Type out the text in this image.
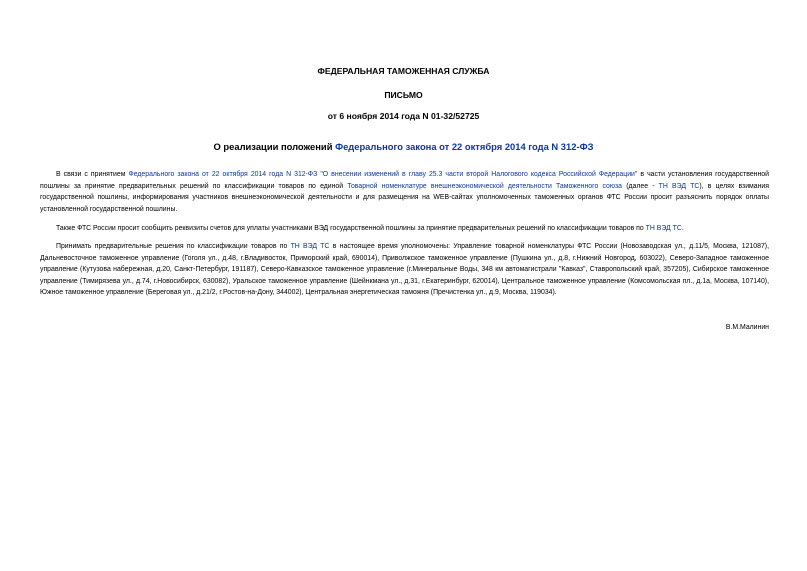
ФЕДЕРАЛЬНАЯ ТАМОЖЕННАЯ СЛУЖБА
ПИСЬМО
от 6 ноября 2014 года N 01-32/52725
О реализации положений Федерального закона от 22 октября 2014 года N 312-ФЗ

В связи с принятием Федерального закона от 22 октября 2014 года N 312-ФЗ "О внесении изменений в главу 25.3 части второй Налогового кодекса Российской Федерации" в части установления государственной пошлины за принятие предварительных решений по классификации товаров по единой Товарной номенклатуре внешнеэкономической деятельности Таможенного союза (далее - ТН ВЭД ТС), в целях взимания государственной пошлины, информирования участников внешнеэкономической деятельности и для размещения на WEB-сайтах уполномоченных таможенных органов ФТС России просит разъяснить порядок оплаты установленной государственной пошлины.

Также ФТС России просит сообщить реквизиты счетов для уплаты участниками ВЭД государственной пошлины за принятие предварительных решений по классификации товаров по ТН ВЭД ТС.

Принимать предварительные решения по классификации товаров по ТН ВЭД ТС в настоящее время уполномочены: Управление товарной номенклатуры ФТС России (Новозаводская ул., д.11/5, Москва, 121087), Дальневосточное таможенное управление (Гоголя ул., д.48, г.Владивосток, Приморский край, 690014), Приволжское таможенное управление (Пушкина ул., д.8, г.Нижний Новгород, 603022), Северо-Западное таможенное управление (Кутузова набережная, д.20, Санкт-Петербург, 191187), Северо-Кавказское таможенное управление (г.Минеральные Воды, 348 км автомагистрали "Кавказ", Ставропольский край, 357205), Сибирское таможенное управление (Тимирязева ул., д.74, г.Новосибирск, 630082), Уральское таможенное управление (Шейнкмана ул., д.31, г.Екатеринбург, 620014), Центральное таможенное управление (Комсомольская пл., д.1а, Москва, 107140), Южное таможенное управление (Береговая ул., д.21/2, г.Ростов-на-Дону, 344002), Центральная энергетическая таможня (Пречистенка ул., д.9, Москва, 119034).

В.М.Малинин
